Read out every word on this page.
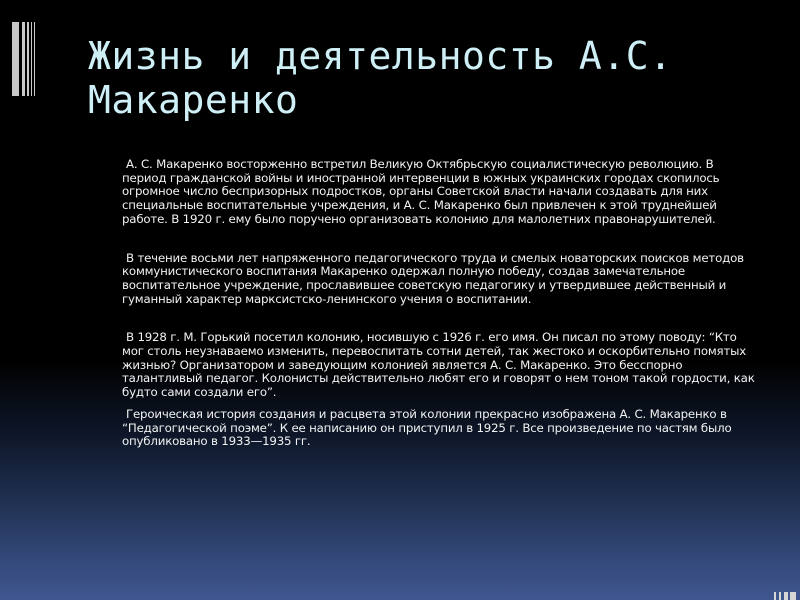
Жизнь и деятельность А.С.
Макаренко

А. С. Макаренко восторженно встретил Великую Октябрьскую социалистическую революцию. В период гражданской войны и иностранной интервенции в южных украинских городах скопилось огромное число беспризорных подростков, органы Советской власти начали создавать для них специальные воспитательные учреждения, и А. С. Макаренко был привлечен к этой труднейшей работе. В 1920 г. ему было поручено организовать колонию для малолетних правонарушителей.

В течение восьми лет напряженного педагогического труда и смелых новаторских поисков методов коммунистического воспитания Макаренко одержал полную победу, создав замечательное воспитательное учреждение, прославившее советскую педагогику и утвердившее действенный и гуманный характер марксистско-ленинского учения о воспитании.

В 1928 г. М. Горький посетил колонию, носившую с 1926 г. его имя. Он писал по этому поводу: “Кто мог столь неузнаваемо изменить, перевоспитать сотни детей, так жестоко и оскорбительно помятых жизнью? Организатором и заведующим колонией является А. С. Макаренко. Это бесспорно талантливый педагог. Колонисты действительно любят его и говорят о нем тоном такой гордости, как будто сами создали его”.

Героическая история создания и расцвета этой колонии прекрасно изображена А. С. Макаренко в “Педагогической поэме”. К ее написанию он приступил в 1925 г. Все произведение по частям было опубликовано в 1933—1935 гг.
